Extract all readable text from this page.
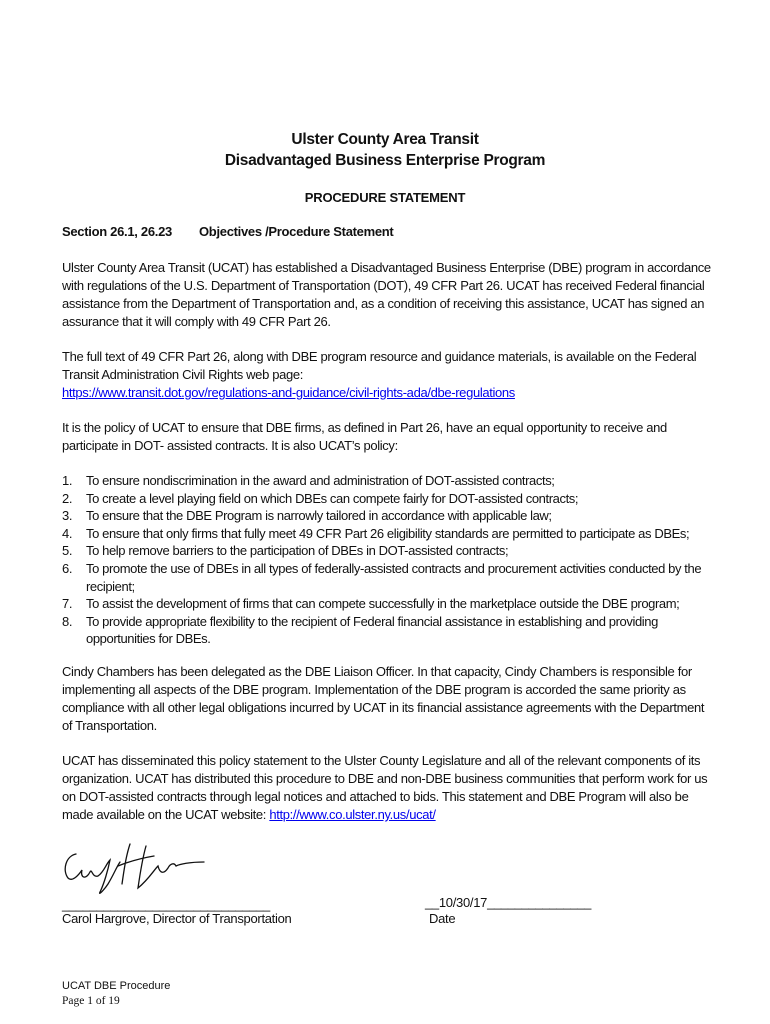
Ulster County Area Transit
Disadvantaged Business Enterprise Program
PROCEDURE STATEMENT
Section 26.1, 26.23 Objectives /Procedure Statement

Ulster County Area Transit (UCAT) has established a Disadvantaged Business Enterprise (DBE) program in accordance with regulations of the U.S. Department of Transportation (DOT), 49 CFR Part 26. UCAT has received Federal financial assistance from the Department of Transportation and, as a condition of receiving this assistance, UCAT has signed an assurance that it will comply with 49 CFR Part 26.

The full text of 49 CFR Part 26, along with DBE program resource and guidance materials, is available on the Federal Transit Administration Civil Rights web page:
https://www.transit.dot.gov/regulations-and-guidance/civil-rights-ada/dbe-regulations

It is the policy of UCAT to ensure that DBE firms, as defined in Part 26, have an equal opportunity to receive and participate in DOT- assisted contracts. It is also UCAT’s policy:

1. To ensure nondiscrimination in the award and administration of DOT-assisted contracts;
2. To create a level playing field on which DBEs can compete fairly for DOT-assisted contracts;
3. To ensure that the DBE Program is narrowly tailored in accordance with applicable law;
4. To ensure that only firms that fully meet 49 CFR Part 26 eligibility standards are permitted to participate as DBEs;
5. To help remove barriers to the participation of DBEs in DOT-assisted contracts;
6. To promote the use of DBEs in all types of federally-assisted contracts and procurement activities conducted by the recipient;
7. To assist the development of firms that can compete successfully in the marketplace outside the DBE program;
8. To provide appropriate flexibility to the recipient of Federal financial assistance in establishing and providing opportunities for DBEs.

Cindy Chambers has been delegated as the DBE Liaison Officer. In that capacity, Cindy Chambers is responsible for implementing all aspects of the DBE program. Implementation of the DBE program is accorded the same priority as compliance with all other legal obligations incurred by UCAT in its financial assistance agreements with the Department of Transportation.

UCAT has disseminated this policy statement to the Ulster County Legislature and all of the relevant components of its organization. UCAT has distributed this procedure to DBE and non-DBE business communities that perform work for us on DOT-assisted contracts through legal notices and attached to bids. This statement and DBE Program will also be made available on the UCAT website: http://www.co.ulster.ny.us/ucat/

______________________________
Carol Hargrove, Director of Transportation
__10/30/17_______________
Date
UCAT DBE Procedure
Page 1 of 19
